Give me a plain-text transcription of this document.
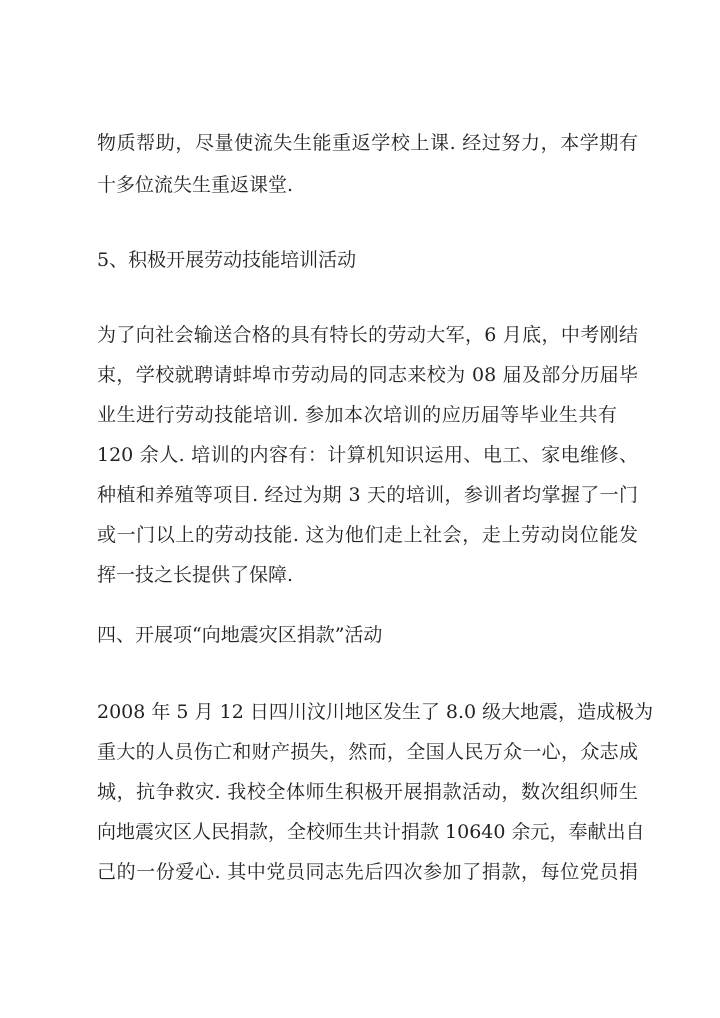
物质帮助，尽量使流失生能重返学校上课. 经过努力，本学期有
十多位流失生重返课堂.
5、积极开展劳动技能培训活动
为了向社会输送合格的具有特长的劳动大军，6 月底，中考刚结
束，学校就聘请蚌埠市劳动局的同志来校为 08 届及部分历届毕
业生进行劳动技能培训. 参加本次培训的应历届等毕业生共有
120 余人. 培训的内容有：计算机知识运用、电工、家电维修、
种植和养殖等项目. 经过为期 3 天的培训，参训者均掌握了一门
或一门以上的劳动技能. 这为他们走上社会，走上劳动岗位能发
挥一技之长提供了保障.
四、开展项“向地震灾区捐款”活动
2008 年 5 月 12 日四川汶川地区发生了 8.0 级大地震，造成极为
重大的人员伤亡和财产损失，然而，全国人民万众一心，众志成
城，抗争救灾. 我校全体师生积极开展捐款活动，数次组织师生
向地震灾区人民捐款，全校师生共计捐款 10640 余元，奉献出自
己的一份爱心. 其中党员同志先后四次参加了捐款，每位党员捐
